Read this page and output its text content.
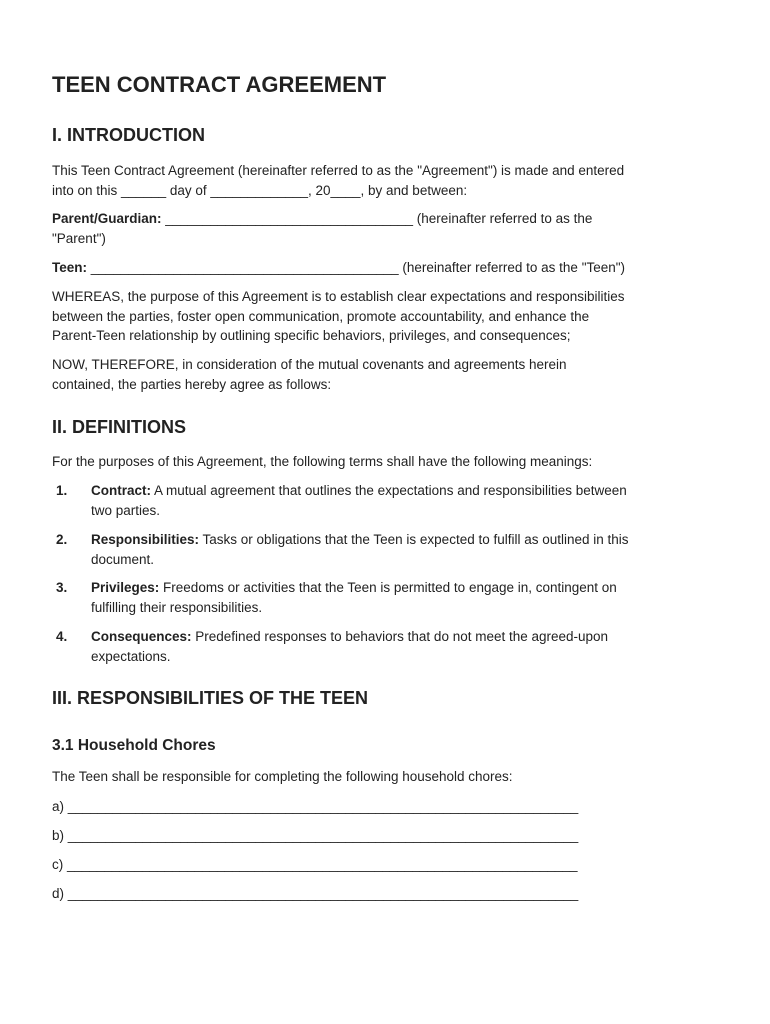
TEEN CONTRACT AGREEMENT
I. INTRODUCTION

This Teen Contract Agreement (hereinafter referred to as the "Agreement") is made and entered
into on this ______ day of _____________, 20____, by and between:

Parent/Guardian: _________________________________ (hereinafter referred to as the
"Parent")

Teen: _________________________________________ (hereinafter referred to as the "Teen")

WHEREAS, the purpose of this Agreement is to establish clear expectations and responsibilities
between the parties, foster open communication, promote accountability, and enhance the
Parent-Teen relationship by outlining specific behaviors, privileges, and consequences;

NOW, THEREFORE, in consideration of the mutual covenants and agreements herein
contained, the parties hereby agree as follows:

II. DEFINITIONS

For the purposes of this Agreement, the following terms shall have the following meanings:

1. Contract: A mutual agreement that outlines the expectations and responsibilities between
two parties.
2. Responsibilities: Tasks or obligations that the Teen is expected to fulfill as outlined in this
document.
3. Privileges: Freedoms or activities that the Teen is permitted to engage in, contingent on
fulfilling their responsibilities.
4. Consequences: Predefined responses to behaviors that do not meet the agreed-upon
expectations.
III. RESPONSIBILITIES OF THE TEEN
3.1 Household Chores

The Teen shall be responsible for completing the following household chores:

a) ____________________________________________________________________
b) ____________________________________________________________________
c) ____________________________________________________________________
d) ____________________________________________________________________
